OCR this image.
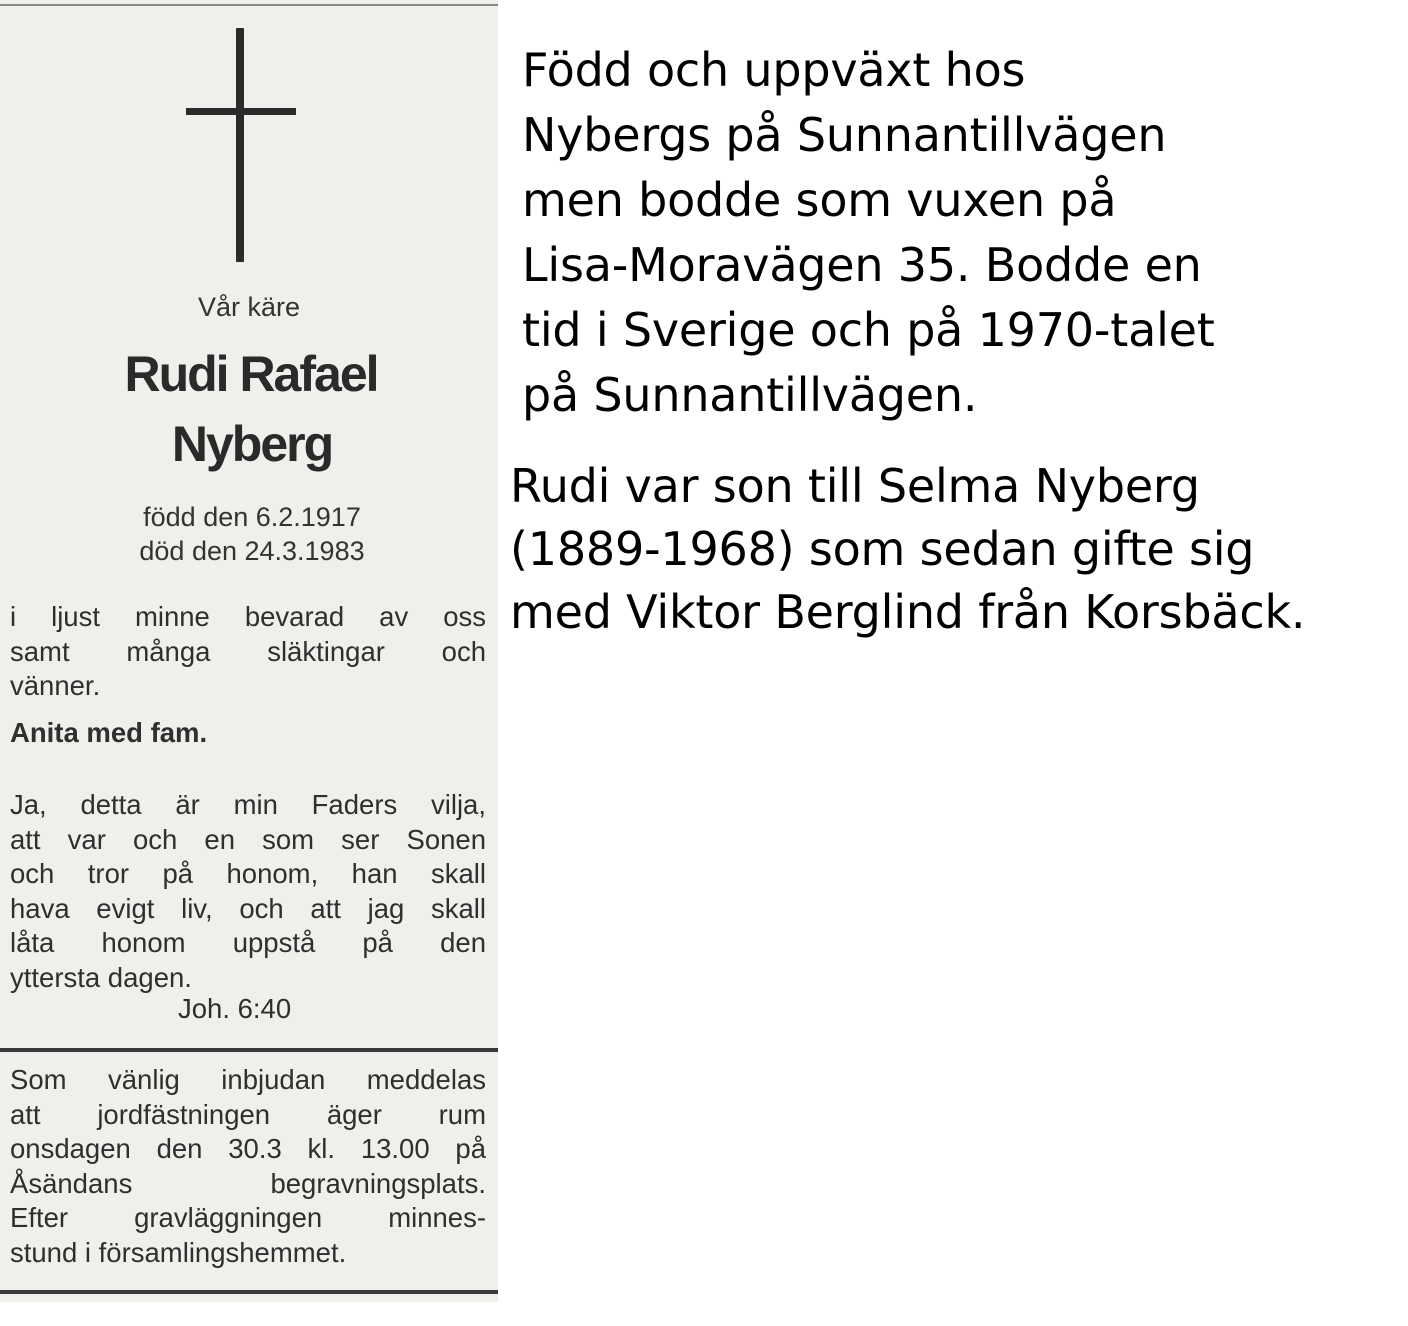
Vår käre
Rudi Rafael
Nyberg
född den 6.2.1917
död den 24.3.1983
i ljust minne bevarad av oss
samt många släktingar och
vänner.
Anita med fam.
Ja, detta är min Faders vilja,
att var och en som ser Sonen
och tror på honom, han skall
hava evigt liv, och att jag skall
låta honom uppstå på den
yttersta dagen.
Joh. 6:40
Som vänlig inbjudan meddelas
att jordfästningen äger rum
onsdagen den 30.3 kl. 13.00 på
Åsändans begravningsplats.
Efter gravläggningen minnes-
stund i församlingshemmet.
Född och uppväxt hos
Nybergs på Sunnantillvägen
men bodde som vuxen på
Lisa-Moravägen 35. Bodde en
tid i Sverige och på 1970-talet
på Sunnantillvägen.
Rudi var son till Selma Nyberg
(1889-1968) som sedan gifte sig
med Viktor Berglind från Korsbäck.
